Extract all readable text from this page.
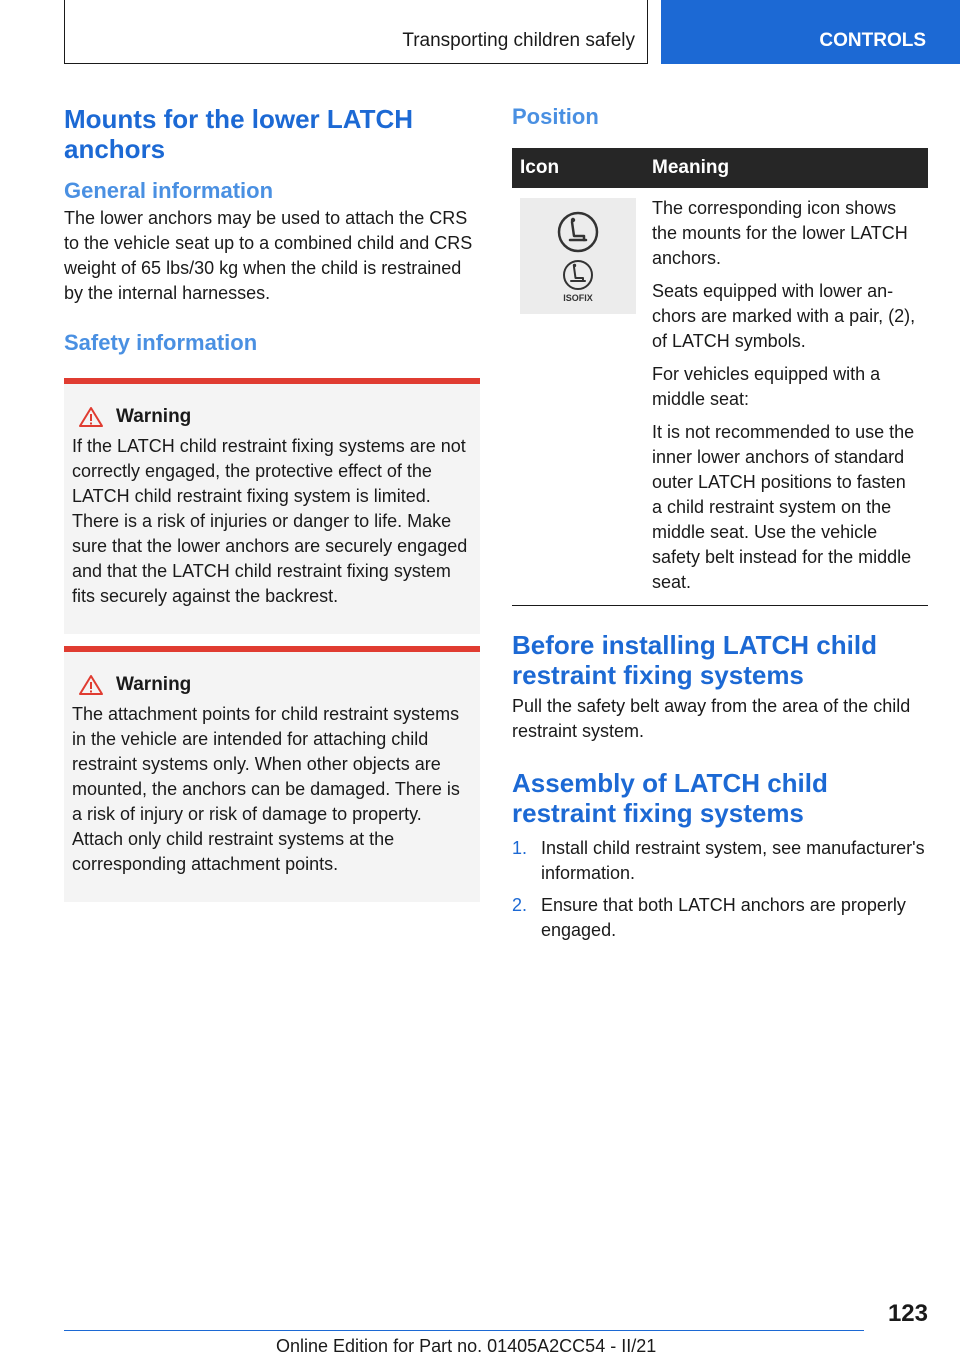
Transporting children safely	CONTROLS
Mounts for the lower LATCH anchors
General information

The lower anchors may be used to attach the CRS to the vehicle seat up to a combined child and CRS weight of 65 lbs/30 kg when the child is restrained by the internal harnesses.

Safety information
Warning

If the LATCH child restraint fixing systems are not correctly engaged, the protective effect of the LATCH child restraint fixing system is limited. There is a risk of injuries or danger to life. Make sure that the lower anchors are securely engaged and that the LATCH child restraint fixing system fits securely against the backrest.

Warning

The attachment points for child restraint systems in the vehicle are intended for attaching child restraint systems only. When other objects are mounted, the anchors can be damaged. There is a risk of injury or risk of damage to property. Attach only child restraint systems at the corresponding attachment points.

Position
Icon	Meaning

ISOFIX	The corresponding icon shows the mounts for the lower LATCH anchors.

Seats equipped with lower anchors are marked with a pair, (2), of LATCH symbols.

For vehicles equipped with a middle seat:

It is not recommended to use the inner lower anchors of standard outer LATCH positions to fasten a child restraint system on the middle seat. Use the vehicle safety belt instead for the middle seat.

Before installing LATCH child restraint fixing systems

Pull the safety belt away from the area of the child restraint system.

Assembly of LATCH child restraint fixing systems
1. Install child restraint system, see manufacturer's information.
2. Ensure that both LATCH anchors are properly engaged.
123
Online Edition for Part no. 01405A2CC54 - II/21
